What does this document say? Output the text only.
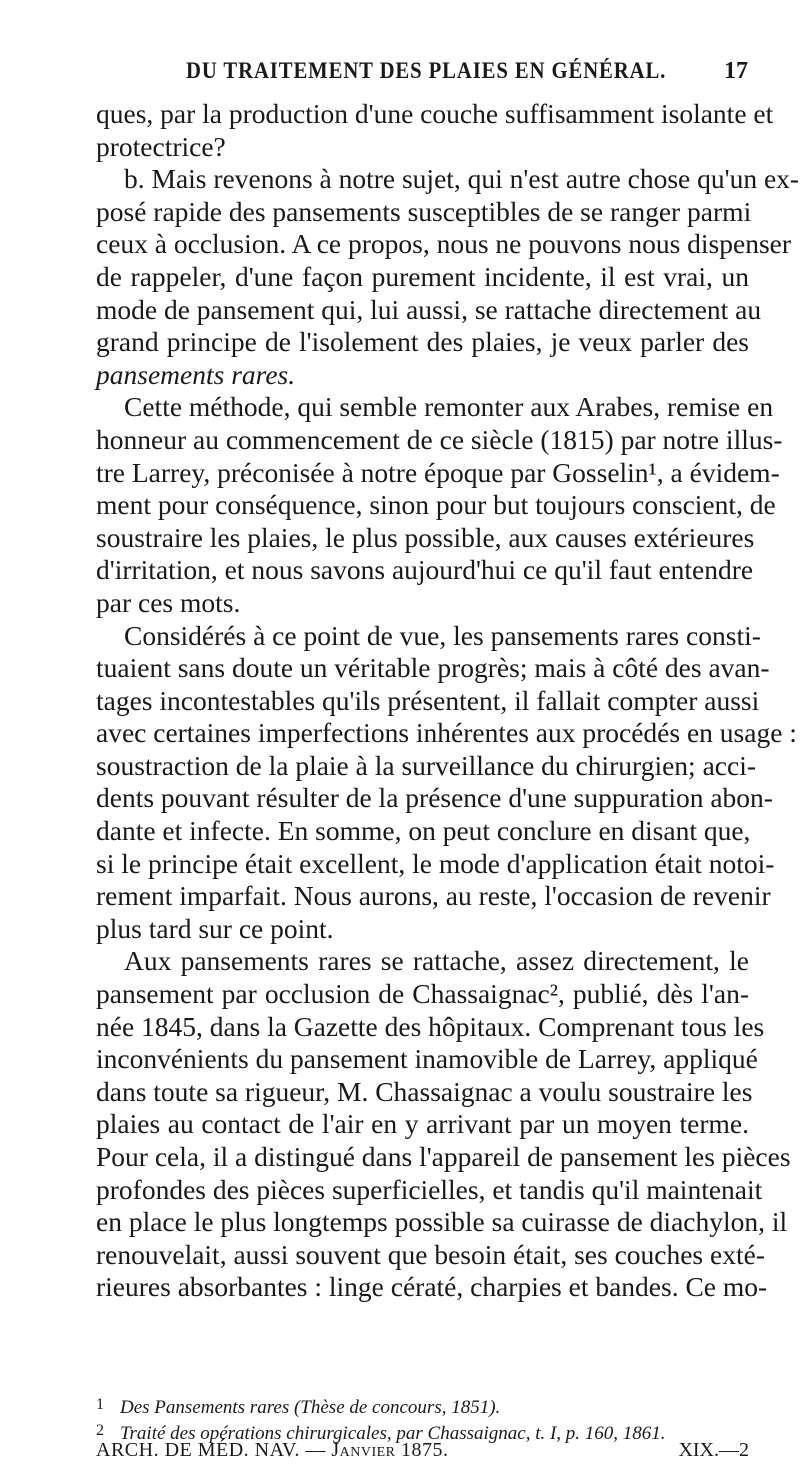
DU TRAITEMENT DES PLAIES EN GÉNÉRAL. 17
ques, par la production d'une couche suffisamment isolante et
protectrice?
b. Mais revenons à notre sujet, qui n'est autre chose qu'un ex-
posé rapide des pansements susceptibles de se ranger parmi
ceux à occlusion. A ce propos, nous ne pouvons nous dispenser
de rappeler, d'une façon purement incidente, il est vrai, un
mode de pansement qui, lui aussi, se rattache directement au
grand principe de l'isolement des plaies, je veux parler des
pansements rares.
Cette méthode, qui semble remonter aux Arabes, remise en
honneur au commencement de ce siècle (1815) par notre illus-
tre Larrey, préconisée à notre époque par Gosselin¹, a évidem-
ment pour conséquence, sinon pour but toujours conscient, de
soustraire les plaies, le plus possible, aux causes extérieures
d'irritation, et nous savons aujourd'hui ce qu'il faut entendre
par ces mots.
Considérés à ce point de vue, les pansements rares consti-
tuaient sans doute un véritable progrès; mais à côté des avan-
tages incontestables qu'ils présentent, il fallait compter aussi
avec certaines imperfections inhérentes aux procédés en usage :
soustraction de la plaie à la surveillance du chirurgien; acci-
dents pouvant résulter de la présence d'une suppuration abon-
dante et infecte. En somme, on peut conclure en disant que,
si le principe était excellent, le mode d'application était notoi-
rement imparfait. Nous aurons, au reste, l'occasion de revenir
plus tard sur ce point.
Aux pansements rares se rattache, assez directement, le
pansement par occlusion de Chassaignac², publié, dès l'an-
née 1845, dans la Gazette des hôpitaux. Comprenant tous les
inconvénients du pansement inamovible de Larrey, appliqué
dans toute sa rigueur, M. Chassaignac a voulu soustraire les
plaies au contact de l'air en y arrivant par un moyen terme.
Pour cela, il a distingué dans l'appareil de pansement les pièces
profondes des pièces superficielles, et tandis qu'il maintenait
en place le plus longtemps possible sa cuirasse de diachylon, il
renouvelait, aussi souvent que besoin était, ses couches exté-
rieures absorbantes : linge cératé, charpies et bandes. Ce mo-
1 Des Pansements rares (Thèse de concours, 1851).
2 Traité des opérations chirurgicales, par Chassaignac, t. I, p. 160, 1861.
ARCH. DE MÉD. NAV. — Janvier 1875.	XIX.—2
